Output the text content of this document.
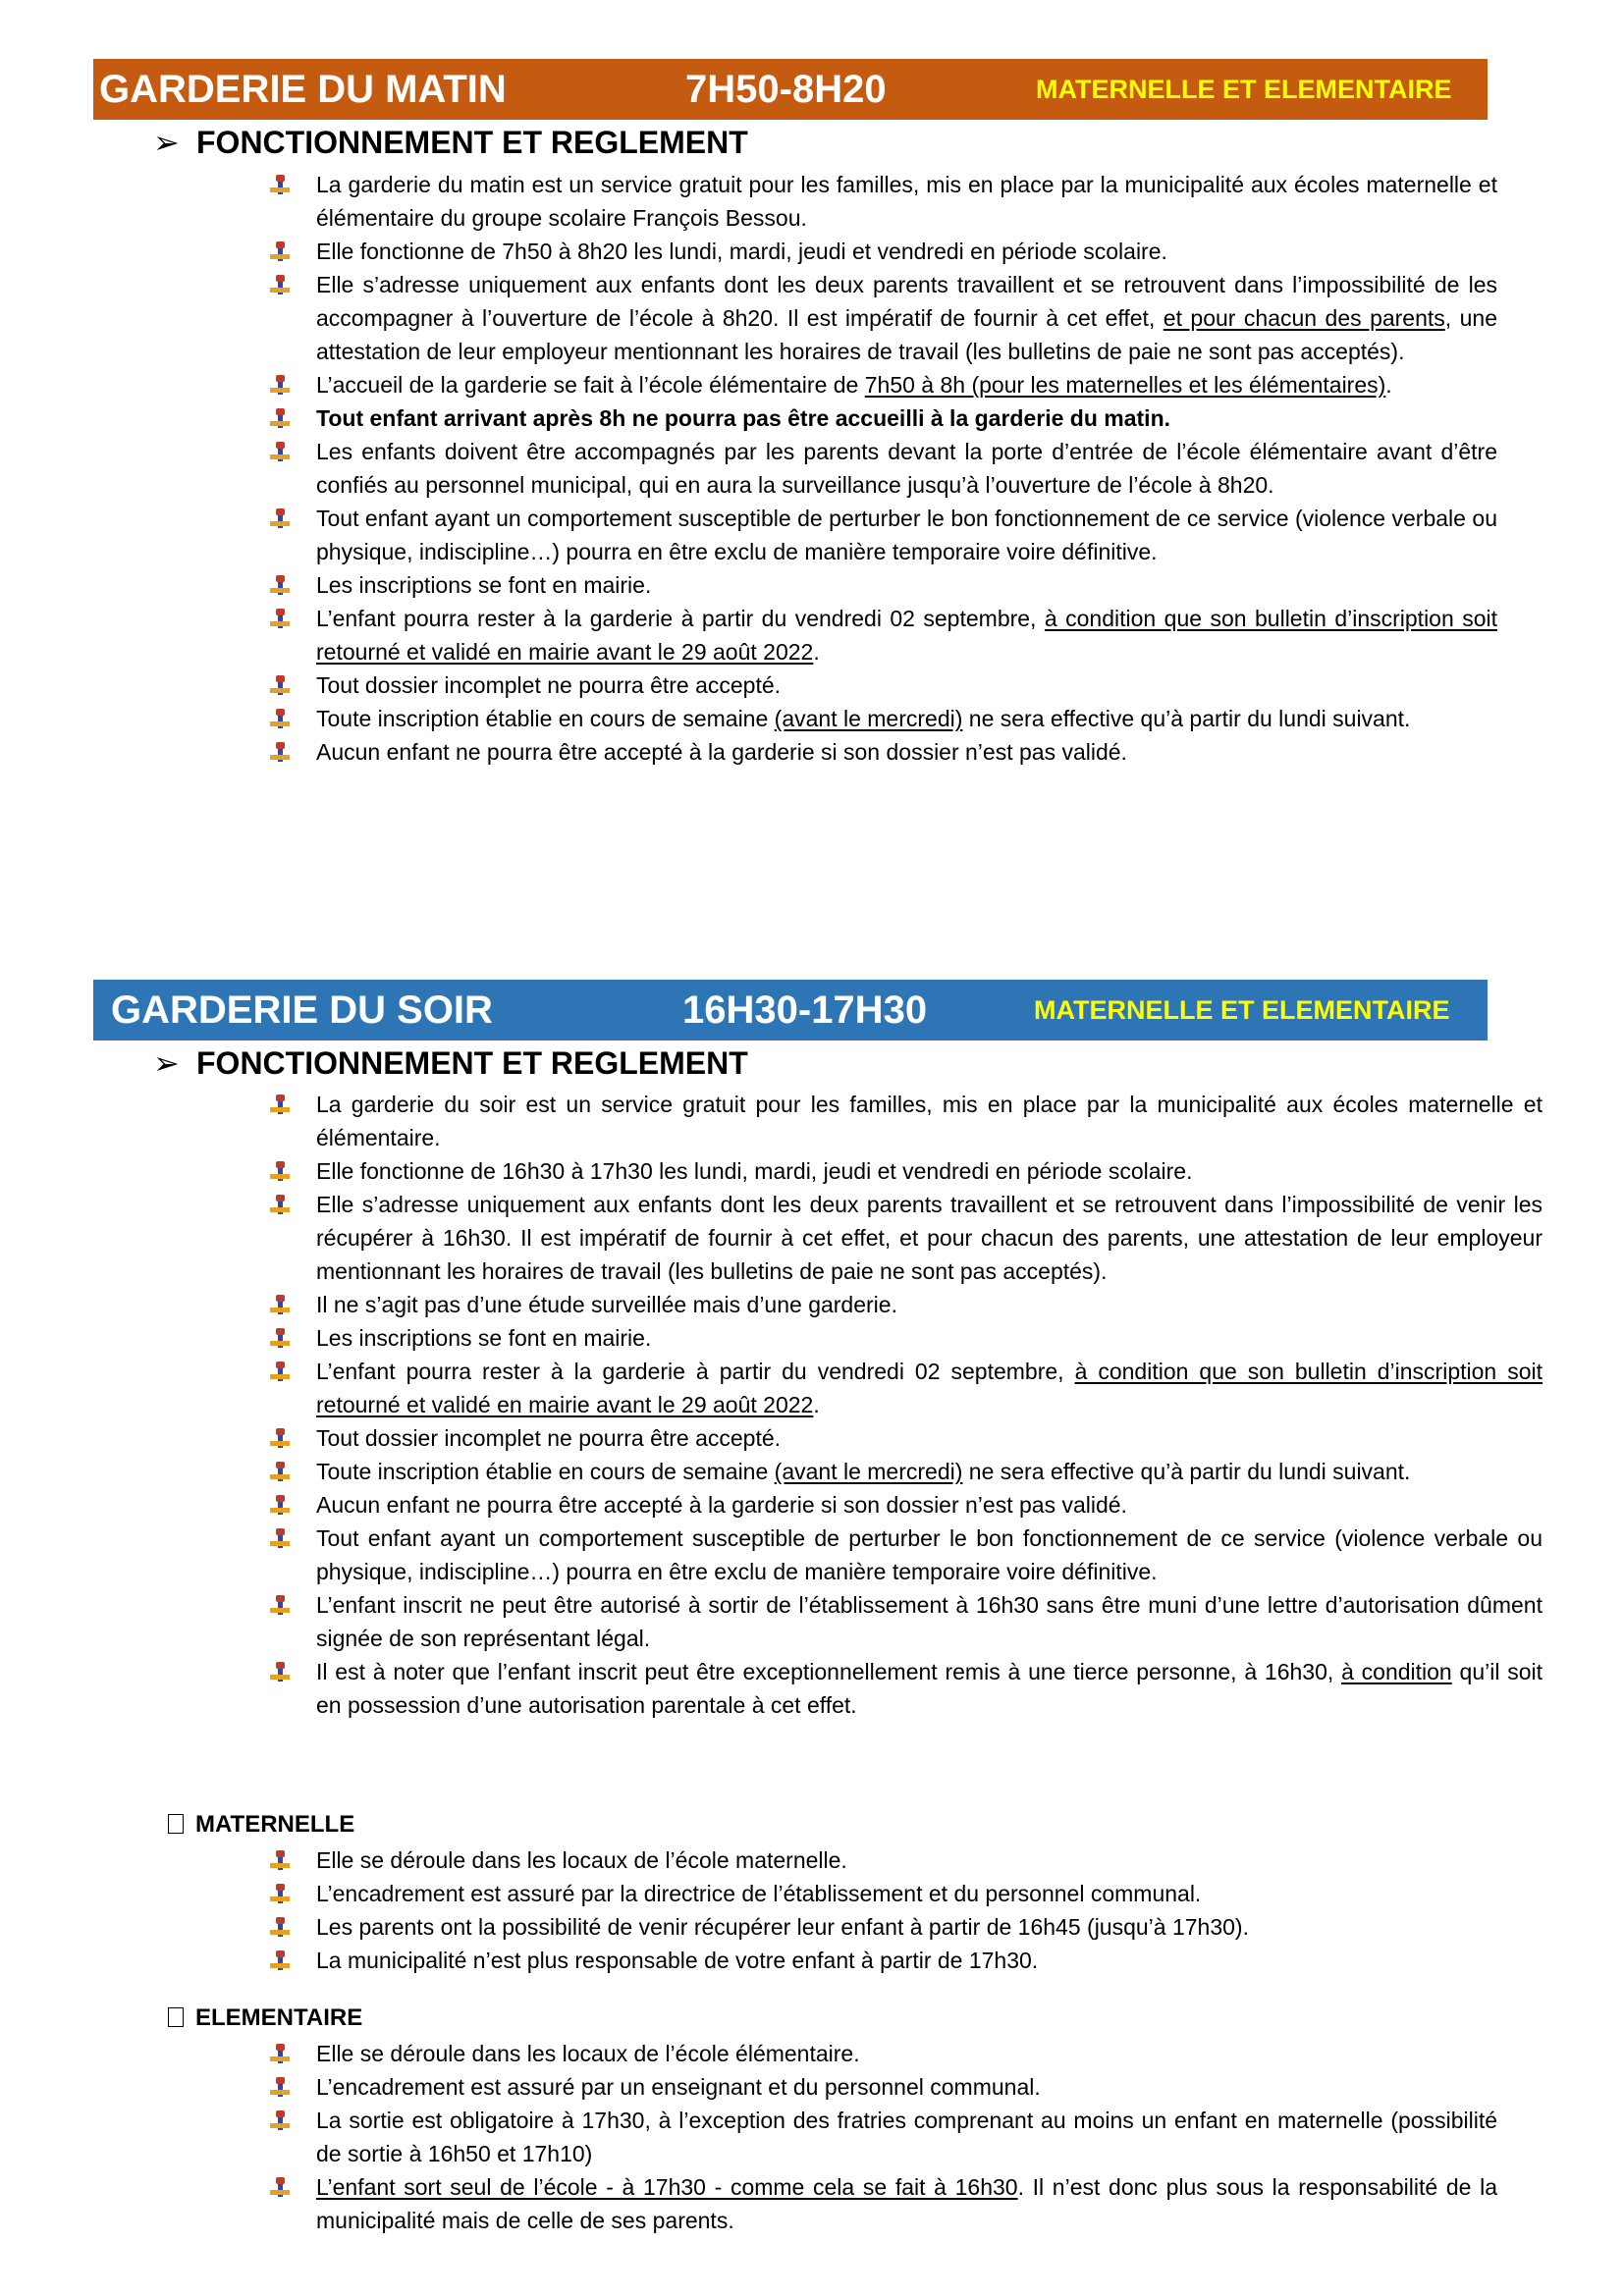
GARDERIE DU MATIN	7H50-8H20	MATERNELLE ET ELEMENTAIRE
➢ FONCTIONNEMENT ET REGLEMENT
La garderie du matin est un service gratuit pour les familles, mis en place par la municipalité aux écoles maternelle et élémentaire du groupe scolaire François Bessou.
Elle fonctionne de 7h50 à 8h20 les lundi, mardi, jeudi et vendredi en période scolaire.
Elle s’adresse uniquement aux enfants dont les deux parents travaillent et se retrouvent dans l’impossibilité de les accompagner à l’ouverture de l’école à 8h20. Il est impératif de fournir à cet effet, et pour chacun des parents, une attestation de leur employeur mentionnant les horaires de travail (les bulletins de paie ne sont pas acceptés).
L’accueil de la garderie se fait à l’école élémentaire de 7h50 à 8h (pour les maternelles et les élémentaires).
Tout enfant arrivant après 8h ne pourra pas être accueilli à la garderie du matin.
Les enfants doivent être accompagnés par les parents devant la porte d’entrée de l’école élémentaire avant d’être confiés au personnel municipal, qui en aura la surveillance jusqu’à l’ouverture de l’école à 8h20.
Tout enfant ayant un comportement susceptible de perturber le bon fonctionnement de ce service (violence verbale ou physique, indiscipline…) pourra en être exclu de manière temporaire voire définitive.
Les inscriptions se font en mairie.
L’enfant pourra rester à la garderie à partir du vendredi 02 septembre, à condition que son bulletin d’inscription soit retourné et validé en mairie avant le 29 août 2022.
Tout dossier incomplet ne pourra être accepté.
Toute inscription établie en cours de semaine (avant le mercredi) ne sera effective qu’à partir du lundi suivant.
Aucun enfant ne pourra être accepté à la garderie si son dossier n’est pas validé.
GARDERIE DU SOIR	16H30-17H30	MATERNELLE ET ELEMENTAIRE
➢ FONCTIONNEMENT ET REGLEMENT
La garderie du soir est un service gratuit pour les familles, mis en place par la municipalité aux écoles maternelle et élémentaire.
Elle fonctionne de 16h30 à 17h30 les lundi, mardi, jeudi et vendredi en période scolaire.
Elle s’adresse uniquement aux enfants dont les deux parents travaillent et se retrouvent dans l’impossibilité de venir les récupérer à 16h30. Il est impératif de fournir à cet effet, et pour chacun des parents, une attestation de leur employeur mentionnant les horaires de travail (les bulletins de paie ne sont pas acceptés).
Il ne s’agit pas d’une étude surveillée mais d’une garderie.
Les inscriptions se font en mairie.
L’enfant pourra rester à la garderie à partir du vendredi 02 septembre, à condition que son bulletin d’inscription soit retourné et validé en mairie avant le 29 août 2022.
Tout dossier incomplet ne pourra être accepté.
Toute inscription établie en cours de semaine (avant le mercredi) ne sera effective qu’à partir du lundi suivant.
Aucun enfant ne pourra être accepté à la garderie si son dossier n’est pas validé.
Tout enfant ayant un comportement susceptible de perturber le bon fonctionnement de ce service (violence verbale ou physique, indiscipline…) pourra en être exclu de manière temporaire voire définitive.
L’enfant inscrit ne peut être autorisé à sortir de l’établissement à 16h30 sans être muni d’une lettre d’autorisation dûment signée de son représentant légal.
Il est à noter que l’enfant inscrit peut être exceptionnellement remis à une tierce personne, à 16h30, à condition qu’il soit en possession d’une autorisation parentale à cet effet.
MATERNELLE
Elle se déroule dans les locaux de l’école maternelle.
L’encadrement est assuré par la directrice de l’établissement et du personnel communal.
Les parents ont la possibilité de venir récupérer leur enfant à partir de 16h45 (jusqu’à 17h30).
La municipalité n’est plus responsable de votre enfant à partir de 17h30.
ELEMENTAIRE
Elle se déroule dans les locaux de l’école élémentaire.
L’encadrement est assuré par un enseignant et du personnel communal.
La sortie est obligatoire à 17h30, à l’exception des fratries comprenant au moins un enfant en maternelle (possibilité de sortie à 16h50 et 17h10)
L’enfant sort seul de l’école - à 17h30 - comme cela se fait à 16h30. Il n’est donc plus sous la responsabilité de la municipalité mais de celle de ses parents.
